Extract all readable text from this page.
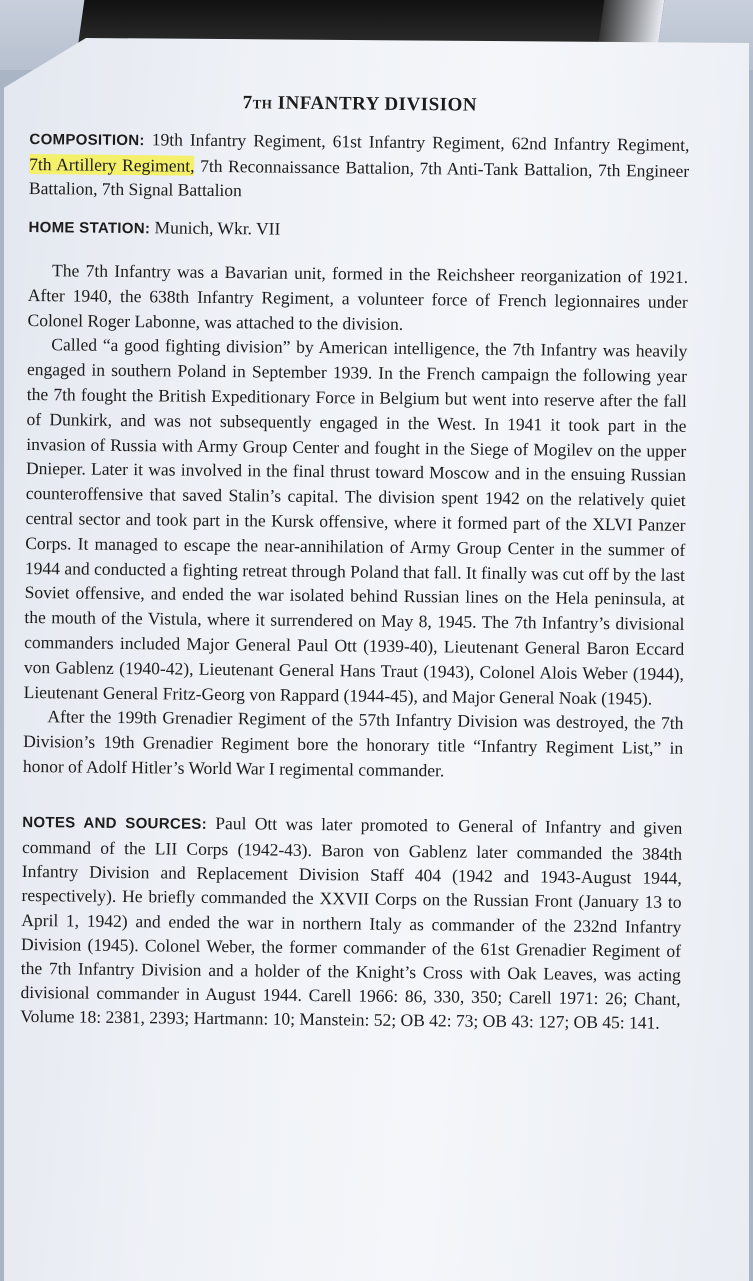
7th INFANTRY DIVISION

COMPOSITION: 19th Infantry Regiment, 61st Infantry Regiment, 62nd Infantry Regiment, 7th Artillery Regiment, 7th Reconnaissance Battalion, 7th Anti-Tank Battalion, 7th Engineer Battalion, 7th Signal Battalion

HOME STATION: Munich, Wkr. VII

The 7th Infantry was a Bavarian unit, formed in the Reichsheer reorganization of 1921. After 1940, the 638th Infantry Regiment, a volunteer force of French legionnaires under Colonel Roger Labonne, was attached to the division.

Called “a good fighting division” by American intelligence, the 7th Infantry was heavily engaged in southern Poland in September 1939. In the French campaign the following year the 7th fought the British Expeditionary Force in Belgium but went into reserve after the fall of Dunkirk, and was not subsequently engaged in the West. In 1941 it took part in the invasion of Russia with Army Group Center and fought in the Siege of Mogilev on the upper Dnieper. Later it was involved in the final thrust toward Moscow and in the ensuing Russian counteroffensive that saved Stalin’s capital. The division spent 1942 on the relatively quiet central sector and took part in the Kursk offensive, where it formed part of the XLVI Panzer Corps. It managed to escape the near-annihilation of Army Group Center in the summer of 1944 and conducted a fighting retreat through Poland that fall. It finally was cut off by the last Soviet offensive, and ended the war isolated behind Russian lines on the Hela peninsula, at the mouth of the Vistula, where it surrendered on May 8, 1945. The 7th Infantry’s divisional commanders included Major General Paul Ott (1939-40), Lieutenant General Baron Eccard von Gablenz (1940-42), Lieutenant General Hans Traut (1943), Colonel Alois Weber (1944), Lieutenant General Fritz-Georg von Rappard (1944-45), and Major General Noak (1945).

After the 199th Grenadier Regiment of the 57th Infantry Division was destroyed, the 7th Division’s 19th Grenadier Regiment bore the honorary title “Infantry Regiment List,” in honor of Adolf Hitler’s World War I regimental commander.

NOTES AND SOURCES: Paul Ott was later promoted to General of Infantry and given command of the LII Corps (1942-43). Baron von Gablenz later commanded the 384th Infantry Division and Replacement Division Staff 404 (1942 and 1943-August 1944, respectively). He briefly commanded the XXVII Corps on the Russian Front (January 13 to April 1, 1942) and ended the war in northern Italy as commander of the 232nd Infantry Division (1945). Colonel Weber, the former commander of the 61st Grenadier Regiment of the 7th Infantry Division and a holder of the Knight’s Cross with Oak Leaves, was acting divisional commander in August 1944. Carell 1966: 86, 330, 350; Carell 1971: 26; Chant, Volume 18: 2381, 2393; Hartmann: 10; Manstein: 52; OB 42: 73; OB 43: 127; OB 45: 141.
